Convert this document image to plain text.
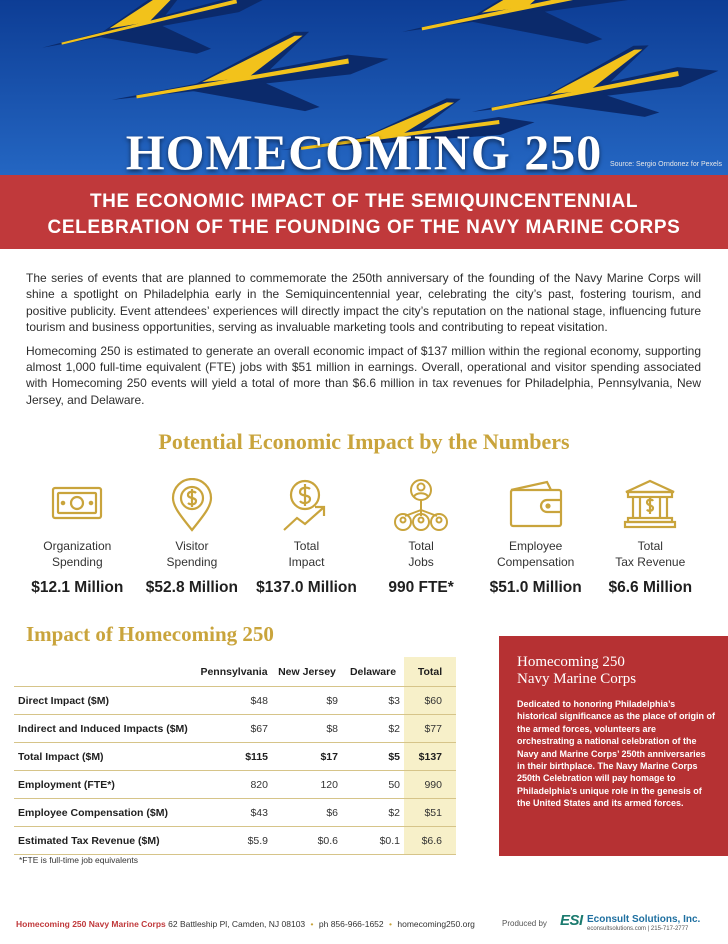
HOMECOMING 250	Source: Sergio Orndonez for Pexels

THE ECONOMIC IMPACT OF THE SEMIQUINCENTENNIAL CELEBRATION OF THE FOUNDING OF THE NAVY MARINE CORPS

The series of events that are planned to commemorate the 250th anniversary of the founding of the Navy Marine Corps will shine a spotlight on Philadelphia early in the Semiquincentennial year, celebrating the city’s past, fostering tourism, and positive publicity. Event attendees’ experiences will directly impact the city’s reputation on the national stage, influencing future tourism and business opportunities, serving as invaluable marketing tools and contributing to repeat visitation.

Homecoming 250 is estimated to generate an overall economic impact of $137 million within the regional economy, supporting almost 1,000 full-time equivalent (FTE) jobs with $51 million in earnings. Overall, operational and visitor spending associated with Homecoming 250 events will yield a total of more than $6.6 million in tax revenues for Philadelphia, Pennsylvania, New Jersey, and Delaware.

Potential Economic Impact by the Numbers
Organization
Spending
$12.1 Million
Visitor
Spending
$52.8 Million
Total
Impact
$137.0 Million
Total
Jobs
990 FTE*
Employee
Compensation
$51.0 Million
Total
Tax Revenue
$6.6 Million
Impact of Homecoming 250
	Pennsylvania	New Jersey	Delaware	Total
Direct Impact ($M)	$48	$9	$3	$60
Indirect and Induced Impacts ($M)	$67	$8	$2	$77
Total Impact ($M)	$115	$17	$5	$137
Employment (FTE*)	820	120	50	990
Employee Compensation ($M)	$43	$6	$2	$51
Estimated Tax Revenue ($M)	$5.9	$0.6	$0.1	$6.6
*FTE is full-time job equivalents
Homecoming 250
Navy Marine Corps

Dedicated to honoring Philadelphia’s historical significance as the place of origin of the armed forces, volunteers are orchestrating a national celebration of the Navy and Marine Corps’ 250th anniversaries in their birthplace. The Navy Marine Corps 250th Celebration will pay homage to Philadelphia’s unique role in the genesis of the United States and its armed forces.

Homecoming 250 Navy Marine Corps 62 Battleship Pl, Camden, NJ 08103 • ph 856-966-1652 • homecoming250.org	Produced by ESI Econsult Solutions, Inc.
econsultsolutions.com | 215-717-2777
